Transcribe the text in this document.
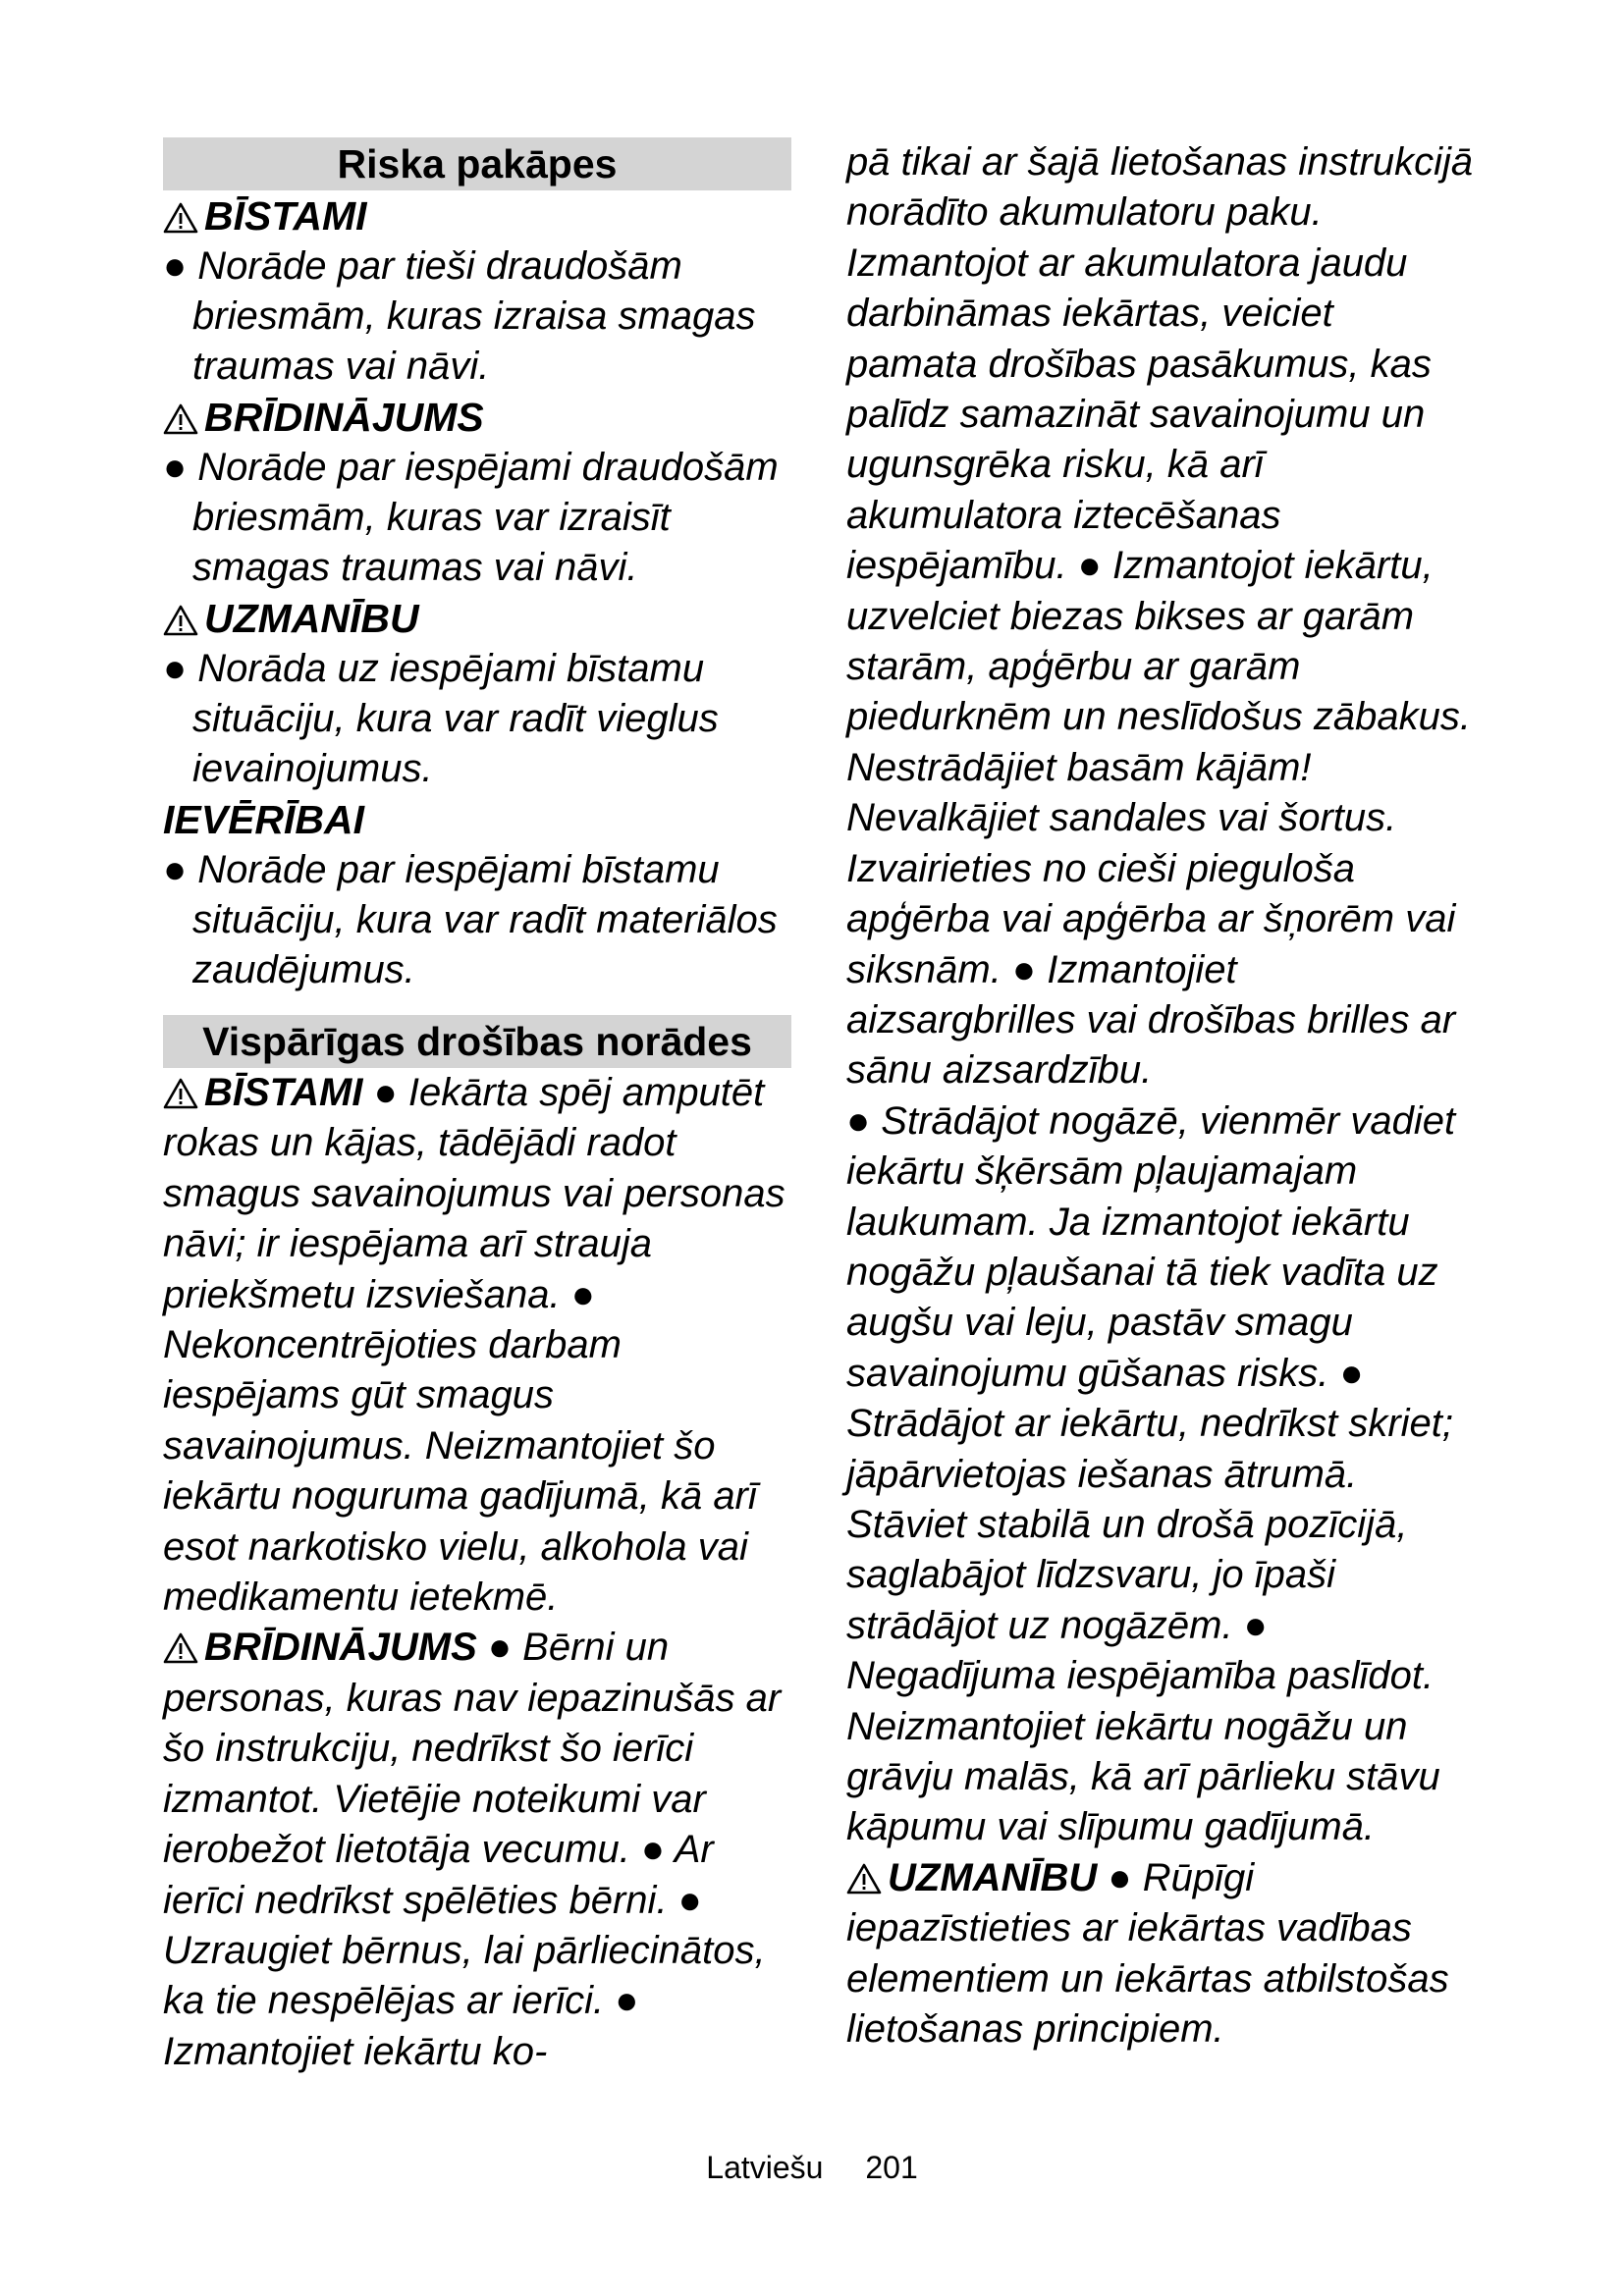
Riska pakāpes
BĪSTAMI

● Norāde par tieši draudošām briesmām, kuras izraisa smagas traumas vai nāvi.

BRĪDINĀJUMS

● Norāde par iespējami draudošām briesmām, kuras var izraisīt smagas traumas vai nāvi.

UZMANĪBU

● Norāda uz iespējami bīstamu situāciju, kura var radīt vieglus ievainojumus.

IEVĒRĪBAI

● Norāde par iespējami bīstamu situāciju, kura var radīt materiālos zaudējumus.

Vispārīgas drošības norādes

BĪSTAMI ● Iekārta spēj amputēt rokas un kājas, tādējādi radot smagus savainojumus vai personas nāvi; ir iespējama arī strauja priekšmetu izsviešana. ● Nekoncentrējoties darbam iespējams gūt smagus savainojumus. Neizmantojiet šo iekārtu noguruma gadījumā, kā arī esot narkotisko vielu, alkohola vai medikamentu ietekmē.

BRĪDINĀJUMS ● Bērni un personas, kuras nav iepazinušās ar šo instrukciju, nedrīkst šo ierīci izmantot. Vietējie noteikumi var ierobežot lietotāja vecumu. ● Ar ierīci nedrīkst spēlēties bērni. ● Uzraugiet bērnus, lai pārliecinātos, ka tie nespēlējas ar ierīci. ● Izmantojiet iekārtu ko-

pā tikai ar šajā lietošanas instrukcijā norādīto akumulatoru paku. Izmantojot ar akumulatora jaudu darbināmas iekārtas, veiciet pamata drošības pasākumus, kas palīdz samazināt savainojumu un ugunsgrēka risku, kā arī akumulatora iztecēšanas iespējamību. ● Izmantojot iekārtu, uzvelciet biezas bikses ar garām starām, apģērbu ar garām piedurknēm un neslīdošus zābakus. Nestrādājiet basām kājām! Nevalkājiet sandales vai šortus. Izvairieties no cieši pieguloša apģērba vai apģērba ar šņorēm vai siksnām. ● Izmantojiet aizsargbrilles vai drošības brilles ar sānu aizsardzību.

● Strādājot nogāzē, vienmēr vadiet iekārtu šķērsām pļaujamajam laukumam. Ja izmantojot iekārtu nogāžu pļaušanai tā tiek vadīta uz augšu vai leju, pastāv smagu savainojumu gūšanas risks. ● Strādājot ar iekārtu, nedrīkst skriet; jāpārvietojas iešanas ātrumā. Stāviet stabilā un drošā pozīcijā, saglabājot līdzsvaru, jo īpaši strādājot uz nogāzēm. ● Negadījuma iespējamība paslīdot. Neizmantojiet iekārtu nogāžu un grāvju malās, kā arī pārlieku stāvu kāpumu vai slīpumu gadījumā.

UZMANĪBU ● Rūpīgi iepazīstieties ar iekārtas vadības elementiem un iekārtas atbilstošas lietošanas principiem.

Latviešu 201
